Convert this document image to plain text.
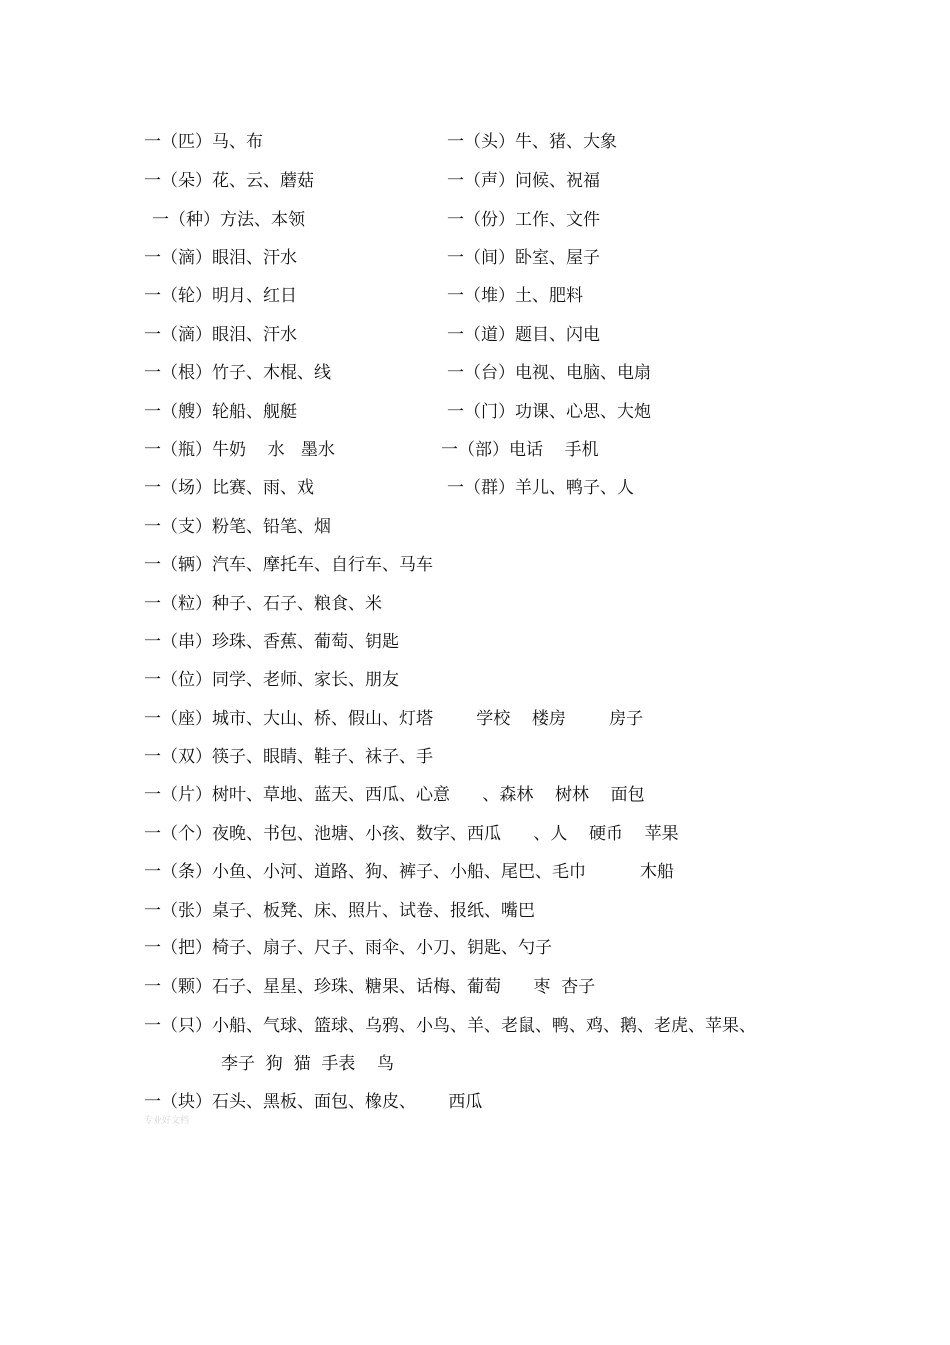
一（匹）马、布	一（头）牛、猪、大象
一（朵）花、云、蘑菇	一（声）问候、祝福
一（种）方法、本领	一（份）工作、文件
一（滴）眼泪、汗水	一（间）卧室、屋子
一（轮）明月、红日	一（堆）土、肥料
一（滴）眼泪、汗水	一（道）题目、闪电
一（根）竹子、木棍、线	一（台）电视、电脑、电扇
一（艘）轮船、舰艇	一（门）功课、心思、大炮
一（瓶）牛奶    水   墨水	一（部）电话    手机
一（场）比赛、雨、戏	一（群）羊儿、鸭子、人
一（支）粉笔、铅笔、烟
一（辆）汽车、摩托车、自行车、马车
一（粒）种子、石子、粮食、米
一（串）珍珠、香蕉、葡萄、钥匙
一（位）同学、老师、家长、朋友
一（座）城市、大山、桥、假山、灯塔        学校    楼房        房子
一（双）筷子、眼睛、鞋子、袜子、手
一（片）树叶、草地、蓝天、西瓜、心意      、森林    树林    面包
一（个）夜晚、书包、池塘、小孩、数字、西瓜      、人    硬币    苹果
一（条）小鱼、小河、道路、狗、裤子、小船、尾巴、毛巾          木船
一（张）桌子、板凳、床、照片、试卷、报纸、嘴巴
一（把）椅子、扇子、尺子、雨伞、小刀、钥匙、勺子
一（颗）石子、星星、珍珠、糖果、话梅、葡萄      枣  杏子
一（只）小船、气球、篮球、乌鸦、小鸟、羊、老鼠、鸭、鸡、鹅、老虎、苹果、
李子  狗  猫  手表    鸟
一（块）石头、黑板、面包、橡皮、      西瓜
专业好文档
